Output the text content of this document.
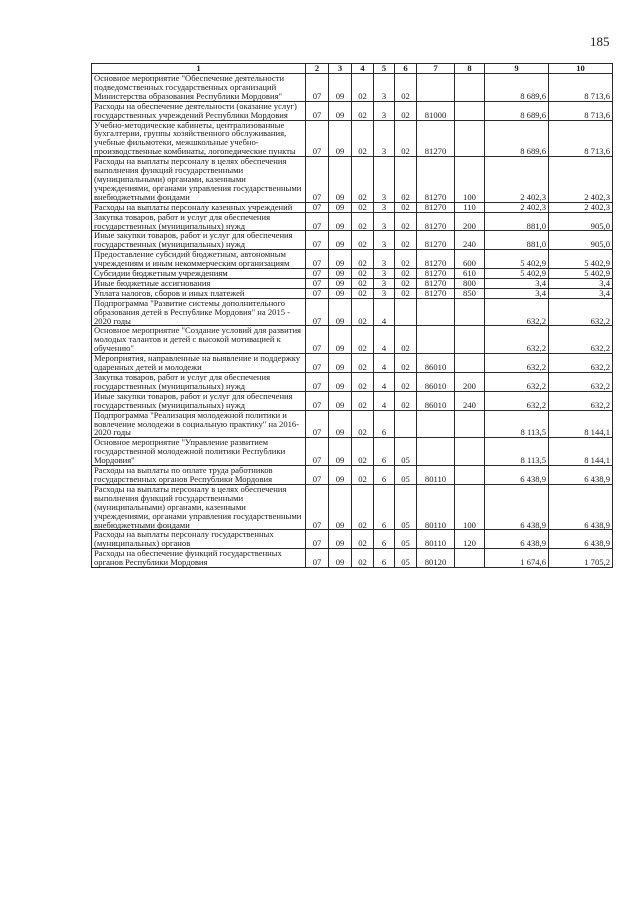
185
1	2	3	4	5	6	7	8	9	10
Основное мероприятие "Обеспечение деятельности подведомственных государственных организаций Министерства образования Республики Мордовия"	07	09	02	3	02			8 689,6	8 713,6
Расходы на обеспечение деятельности (оказание услуг) государственных учреждений Республики Мордовия	07	09	02	3	02	81000		8 689,6	8 713,6
Учебно-методические кабинеты, централизованные бухгалтерии, группы хозяйственного обслуживания, учебные фильмотеки, межшкольные учебно-производственные комбинаты, логопедические пункты	07	09	02	3	02	81270		8 689,6	8 713,6
Расходы на выплаты персоналу в целях обеспечения выполнения функций государственными (муниципальными) органами, казенными учреждениями, органами управления государственными внебюджетными фондами	07	09	02	3	02	81270	100	2 402,3	2 402,3
Расходы на выплаты персоналу казенных учреждений	07	09	02	3	02	81270	110	2 402,3	2 402,3
Закупка товаров, работ и услуг для обеспечения государственных (муниципальных) нужд	07	09	02	3	02	81270	200	881,0	905,0
Иные закупки товаров, работ и услуг для обеспечения государственных (муниципальных) нужд	07	09	02	3	02	81270	240	881,0	905,0
Предоставление субсидий бюджетным, автономным учреждениям и иным некоммерческим организациям	07	09	02	3	02	81270	600	5 402,9	5 402,9
Субсидии бюджетным учреждениям	07	09	02	3	02	81270	610	5 402,9	5 402,9
Иные бюджетные ассигнования	07	09	02	3	02	81270	800	3,4	3,4
Уплата налогов, сборов и иных платежей	07	09	02	3	02	81270	850	3,4	3,4
Подпрограмма "Развитие системы дополнительного образования детей в Республике Мордовия" на 2015 - 2020 годы	07	09	02	4				632,2	632,2
Основное мероприятие "Создание условий для развития молодых талантов и детей с высокой мотивацией к обучению"	07	09	02	4	02			632,2	632,2
Мероприятия, направленные на выявление и поддержку одаренных детей и молодежи	07	09	02	4	02	86010		632,2	632,2
Закупка товаров, работ и услуг для обеспечения государственных (муниципальных) нужд	07	09	02	4	02	86010	200	632,2	632,2
Иные закупки товаров, работ и услуг для обеспечения государственных (муниципальных) нужд	07	09	02	4	02	86010	240	632,2	632,2
Подпрограмма "Реализация молодежной политики и вовлечение молодежи в социальную практику" на 2016-2020 годы	07	09	02	6				8 113,5	8 144,1
Основное мероприятие "Управление развитием государственной молодежной политики Республики Мордовия"	07	09	02	6	05			8 113,5	8 144,1
Расходы на выплаты по оплате труда работников государственных органов Республики Мордовия	07	09	02	6	05	80110		6 438,9	6 438,9
Расходы на выплаты персоналу в целях обеспечения выполнения функций государственными (муниципальными) органами, казенными учреждениями, органами управления государственными внебюджетными фондами	07	09	02	6	05	80110	100	6 438,9	6 438,9
Расходы на выплаты персоналу государственных (муниципальных) органов	07	09	02	6	05	80110	120	6 438,9	6 438,9
Расходы на обеспечение функций государственных органов Республики Мордовия	07	09	02	6	05	80120		1 674,6	1 705,2
